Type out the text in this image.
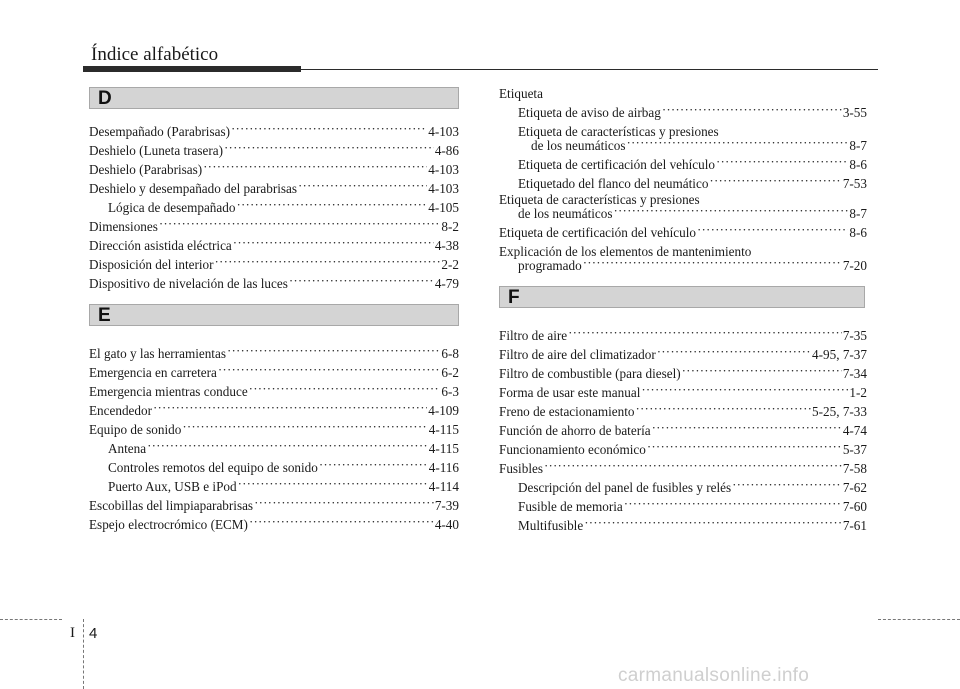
Índice alfabético
D
Desempañado (Parabrisas) ·····	4-103
Deshielo (Luneta trasera) ·····	4-86
Deshielo (Parabrisas) ·····	4-103
Deshielo y desempañado del parabrisas ·····	4-103
Lógica de desempañado ·····	4-105
Dimensiones ·····	8-2
Dirección asistida eléctrica ·····	4-38
Disposición del interior ·····	2-2
Dispositivo de nivelación de las luces ·····	4-79
E
El gato y las herramientas ·····	6-8
Emergencia en carretera ·····	6-2
Emergencia mientras conduce ·····	6-3
Encendedor ·····	4-109
Equipo de sonido ·····	4-115
Antena ·····	4-115
Controles remotos del equipo de sonido ·····	4-116
Puerto Aux, USB e iPod ·····	4-114
Escobillas del limpiaparabrisas ·····	7-39
Espejo electrocrómico (ECM) ·····	4-40
Etiqueta
Etiqueta de aviso de airbag ·····	3-55
Etiqueta de características y presiones
de los neumáticos ·····	8-7
Etiqueta de certificación del vehículo ·····	8-6
Etiquetado del flanco del neumático ·····	7-53
Etiqueta de características y presiones
de los neumáticos ·····	8-7
Etiqueta de certificación del vehículo ·····	8-6
Explicación de los elementos de mantenimiento
programado ·····	7-20
F
Filtro de aire ·····	7-35
Filtro de aire del climatizador ·····	4-95, 7-37
Filtro de combustible (para diesel) ·····	7-34
Forma de usar este manual ·····	1-2
Freno de estacionamiento ·····	5-25, 7-33
Función de ahorro de batería ·····	4-74
Funcionamiento económico ·····	5-37
Fusibles ·····	7-58
Descripción del panel de fusibles y relés ·····	7-62
Fusible de memoria ·····	7-60
Multifusible ·····	7-61
I 4
carmanualsonline.info
